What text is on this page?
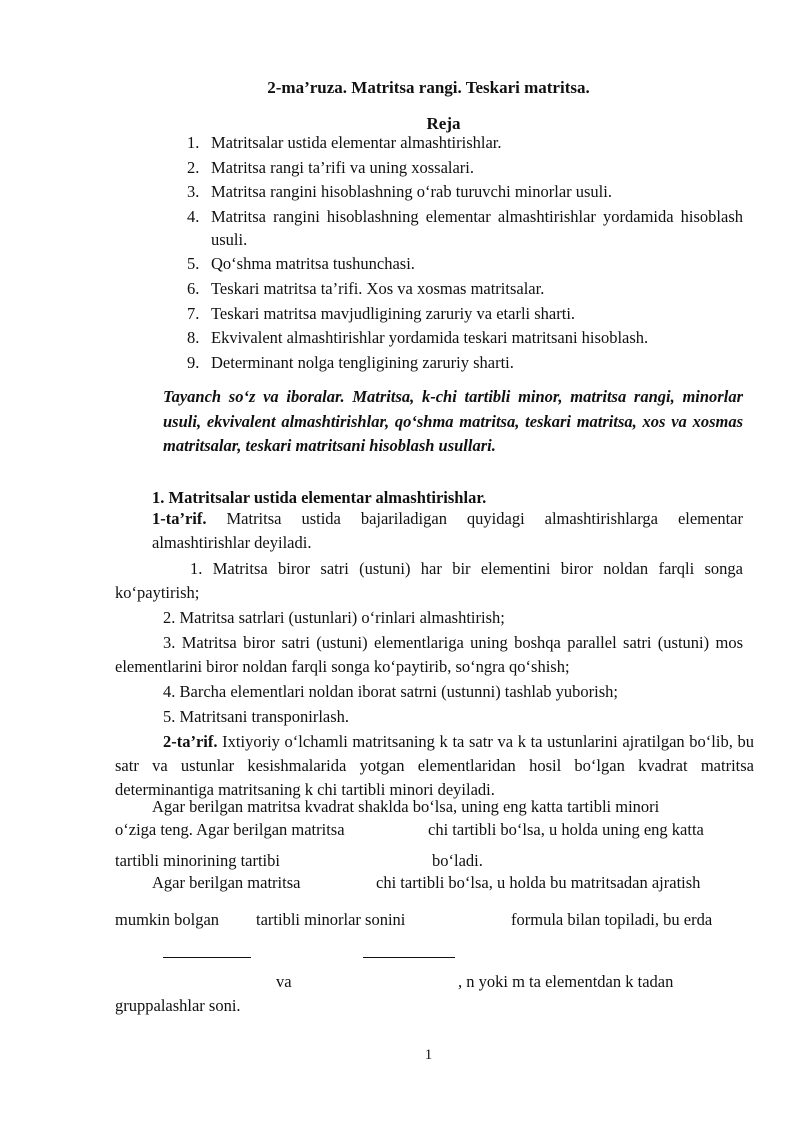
2-ma’ruza. Matritsa rangi. Teskari matritsa.
Reja
1. Matritsalar ustida elementar almashtirishlar.
2. Matritsa rangi ta’rifi va uning xossalari.
3. Matritsa rangini hisoblashning o‘rab turuvchi minorlar usuli.
4. Matritsa rangini hisoblashning elementar almashtirishlar yordamida hisoblash usuli.
5. Qo‘shma matritsa tushunchasi.
6. Teskari matritsa ta’rifi. Xos va xosmas matritsalar.
7. Teskari matritsa mavjudligining zaruriy va etarli sharti.
8. Ekvivalent almashtirishlar yordamida teskari matritsani hisoblash.
9. Determinant nolga tengligining zaruriy sharti.
Tayanch so‘z va iboralar. Matritsa, k-chi tartibli minor, matritsa rangi, minorlar usuli, ekvivalent almashtirishlar, qo‘shma matritsa, teskari matritsa, xos va xosmas matritsalar, teskari matritsani hisoblash usullari.
1. Matritsalar ustida elementar almashtirishlar.
1-ta’rif. Matritsa ustida bajariladigan quyidagi almashtirishlarga elementar almashtirishlar deyiladi.
1. Matritsa biror satri (ustuni) har bir elementini biror noldan farqli songa ko‘paytirish;
2. Matritsa satrlari (ustunlari) o‘rinlari almashtirish;
3. Matritsa biror satri (ustuni) elementlariga uning boshqa parallel satri (ustuni) mos elementlarini biror noldan farqli songa ko‘paytirib, so‘ngra qo‘shish;
4. Barcha elementlari noldan iborat satrni (ustunni) tashlab yuborish;
5. Matritsani transponirlash.
2-ta’rif. Ixtiyoriy o‘lchamli matritsaning k ta satr va k ta ustunlarini ajratilgan bo‘lib, bu satr va ustunlar kesishmalarida yotgan elementlaridan hosil bo‘lgan kvadrat matritsa determinantiga matritsaning k chi tartibli minori deyiladi.
Agar berilgan matritsa kvadrat shakldа bo‘lsa, uning eng katta tartibli minori
o‘ziga teng. Agar berilgan matritsa	chi tartibli bo‘lsa, u holda uning eng katta
tartibli minorining tartibi	bo‘ladi.
Agar berilgan matritsa	chi tartibli bo‘lsa, u holda bu matritsadan ajratish
mumkin bolgan tartibli minorlar sonini	formula bilan topiladi, bu erda
va	, n yoki m ta elementdan k tadan
gruppalashlar soni.
1
